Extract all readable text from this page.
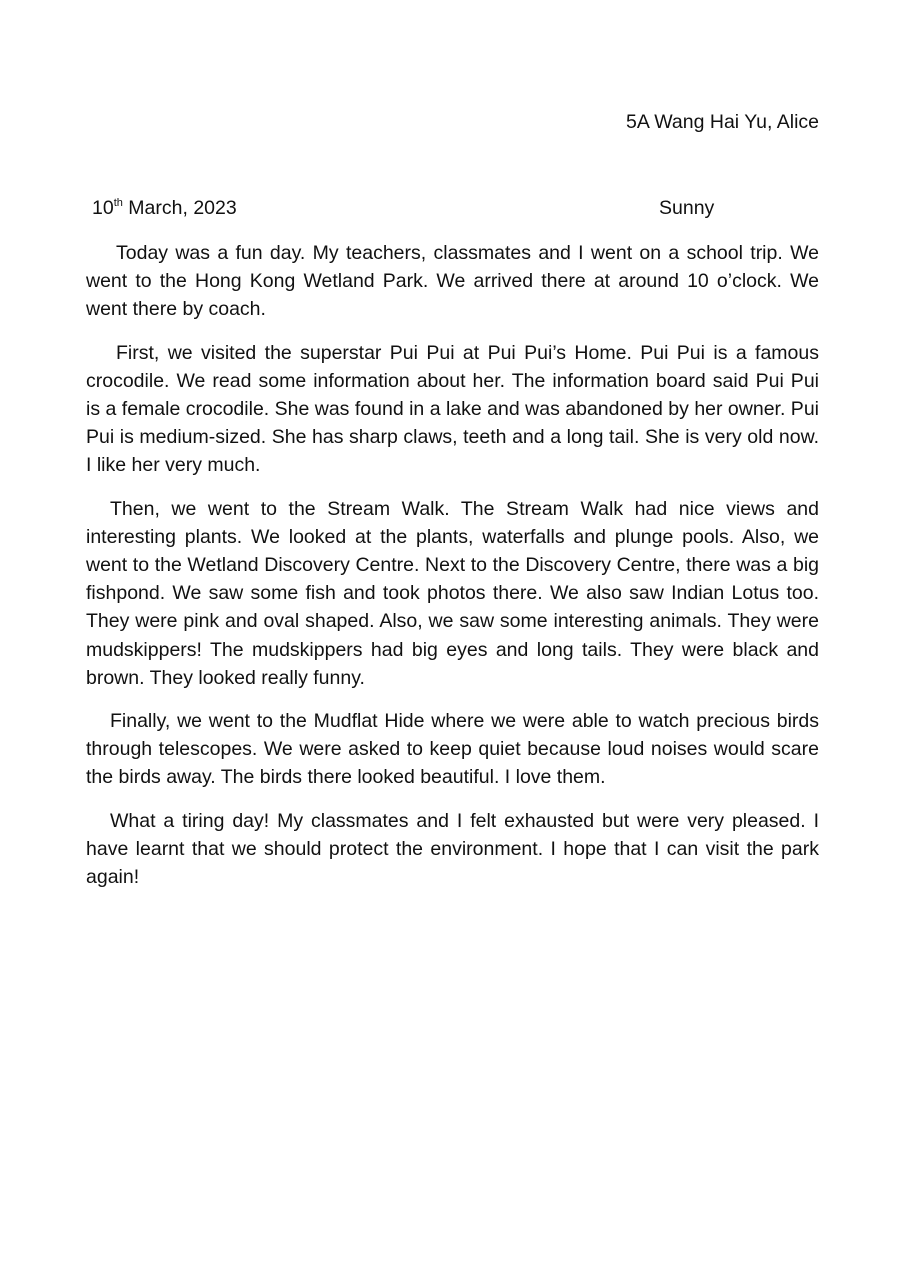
5A Wang Hai Yu, Alice
10th March, 2023	Sunny

Today was a fun day. My teachers, classmates and I went on a school trip. We went to the Hong Kong Wetland Park. We arrived there at around 10 o’clock. We went there by coach.

First, we visited the superstar Pui Pui at Pui Pui’s Home. Pui Pui is a famous crocodile. We read some information about her. The information board said Pui Pui is a female crocodile. She was found in a lake and was abandoned by her owner. Pui Pui is medium-sized. She has sharp claws, teeth and a long tail. She is very old now. I like her very much.

Then, we went to the Stream Walk. The Stream Walk had nice views and interesting plants. We looked at the plants, waterfalls and plunge pools. Also, we went to the Wetland Discovery Centre. Next to the Discovery Centre, there was a big fishpond. We saw some fish and took photos there. We also saw Indian Lotus too. They were pink and oval shaped. Also, we saw some interesting animals. They were mudskippers! The mudskippers had big eyes and long tails. They were black and brown. They looked really funny.

Finally, we went to the Mudflat Hide where we were able to watch precious birds through telescopes. We were asked to keep quiet because loud noises would scare the birds away. The birds there looked beautiful. I love them.

What a tiring day! My classmates and I felt exhausted but were very pleased. I have learnt that we should protect the environment. I hope that I can visit the park again!
